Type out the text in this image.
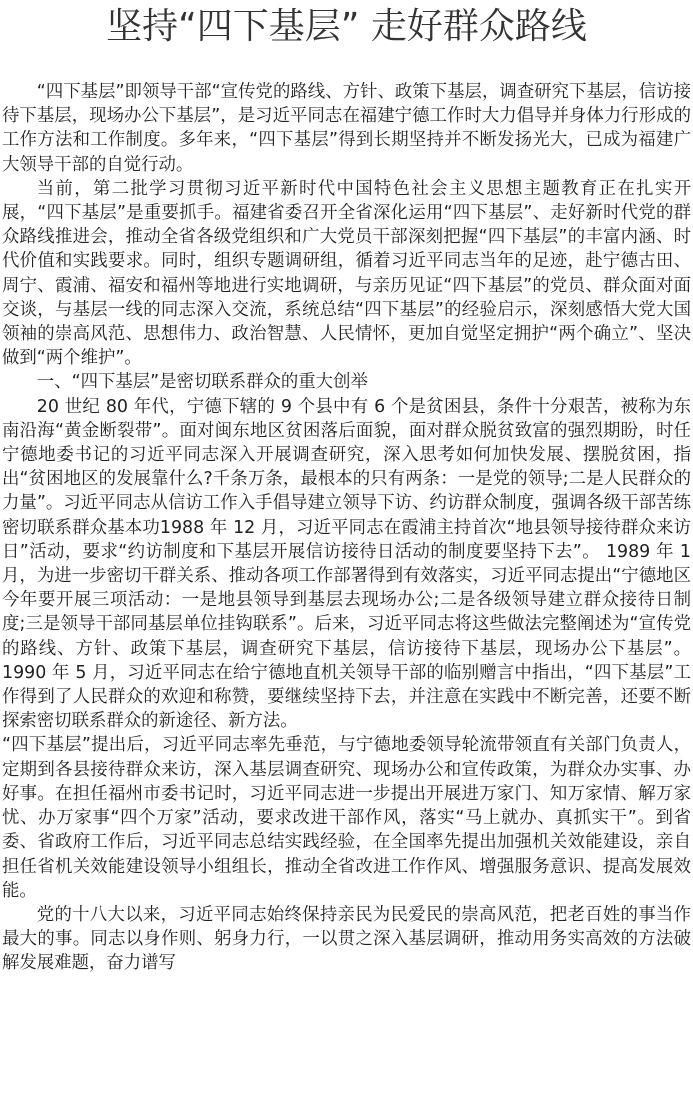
坚持“四下基层” 走好群众路线

“四下基层”即领导干部“宣传党的路线、方针、政策下基层，调查研究下基层，信访接待下基层，现场办公下基层”，是习近平同志在福建宁德工作时大力倡导并身体力行形成的工作方法和工作制度。多年来，“四下基层”得到长期坚持并不断发扬光大，已成为福建广大领导干部的自觉行动。

当前，第二批学习贯彻习近平新时代中国特色社会主义思想主题教育正在扎实开展，“四下基层”是重要抓手。福建省委召开全省深化运用“四下基层”、走好新时代党的群众路线推进会，推动全省各级党组织和广大党员干部深刻把握“四下基层”的丰富内涵、时代价值和实践要求。同时，组织专题调研组，循着习近平同志当年的足迹，赴宁德古田、周宁、霞浦、福安和福州等地进行实地调研，与亲历见证“四下基层”的党员、群众面对面交谈，与基层一线的同志深入交流，系统总结“四下基层”的经验启示，深刻感悟大党大国领袖的崇高风范、思想伟力、政治智慧、人民情怀，更加自觉坚定拥护“两个确立”、坚决做到“两个维护”。

一、“四下基层”是密切联系群众的重大创举

20 世纪 80 年代，宁德下辖的 9 个县中有 6 个是贫困县，条件十分艰苦，被称为东南沿海“黄金断裂带”。面对闽东地区贫困落后面貌，面对群众脱贫致富的强烈期盼，时任宁德地委书记的习近平同志深入开展调查研究，深入思考如何加快发展、摆脱贫困，指出“贫困地区的发展靠什么?千条万条，最根本的只有两条：一是党的领导;二是人民群众的力量”。习近平同志从信访工作入手倡导建立领导下访、约访群众制度，强调各级干部苦练密切联系群众基本功1988 年 12 月，习近平同志在霞浦主持首次“地县领导接待群众来访日”活动，要求“约访制度和下基层开展信访接待日活动的制度要坚持下去”。 1989 年 1 月，为进一步密切干群关系、推动各项工作部署得到有效落实，习近平同志提出“宁德地区今年要开展三项活动：一是地县领导到基层去现场办公;二是各级领导建立群众接待日制度;三是领导干部同基层单位挂钩联系”。后来，习近平同志将这些做法完整阐述为“宣传党的路线、方针、政策下基层，调查研究下基层，信访接待下基层，现场办公下基层”。1990 年 5 月，习近平同志在给宁德地直机关领导干部的临别赠言中指出，“四下基层”工作得到了人民群众的欢迎和称赞，要继续坚持下去，并注意在实践中不断完善，还要不断探索密切联系群众的新途径、新方法。

“四下基层”提出后，习近平同志率先垂范，与宁德地委领导轮流带领直有关部门负责人，定期到各县接待群众来访，深入基层调查研究、现场办公和宣传政策，为群众办实事、办好事。在担任福州市委书记时，习近平同志进一步提出开展进万家门、知万家情、解万家忧、办万家事“四个万家”活动，要求改进干部作风，落实“马上就办、真抓实干”。到省委、省政府工作后，习近平同志总结实践经验，在全国率先提出加强机关效能建设，亲自担任省机关效能建设领导小组组长，推动全省改进工作作风、增强服务意识、提高发展效能。

党的十八大以来，习近平同志始终保持亲民为民爱民的崇高风范，把老百姓的事当作最大的事。同志以身作则、躬身力行，一以贯之深入基层调研，推动用务实高效的方法破解发展难题，奋力谱写
